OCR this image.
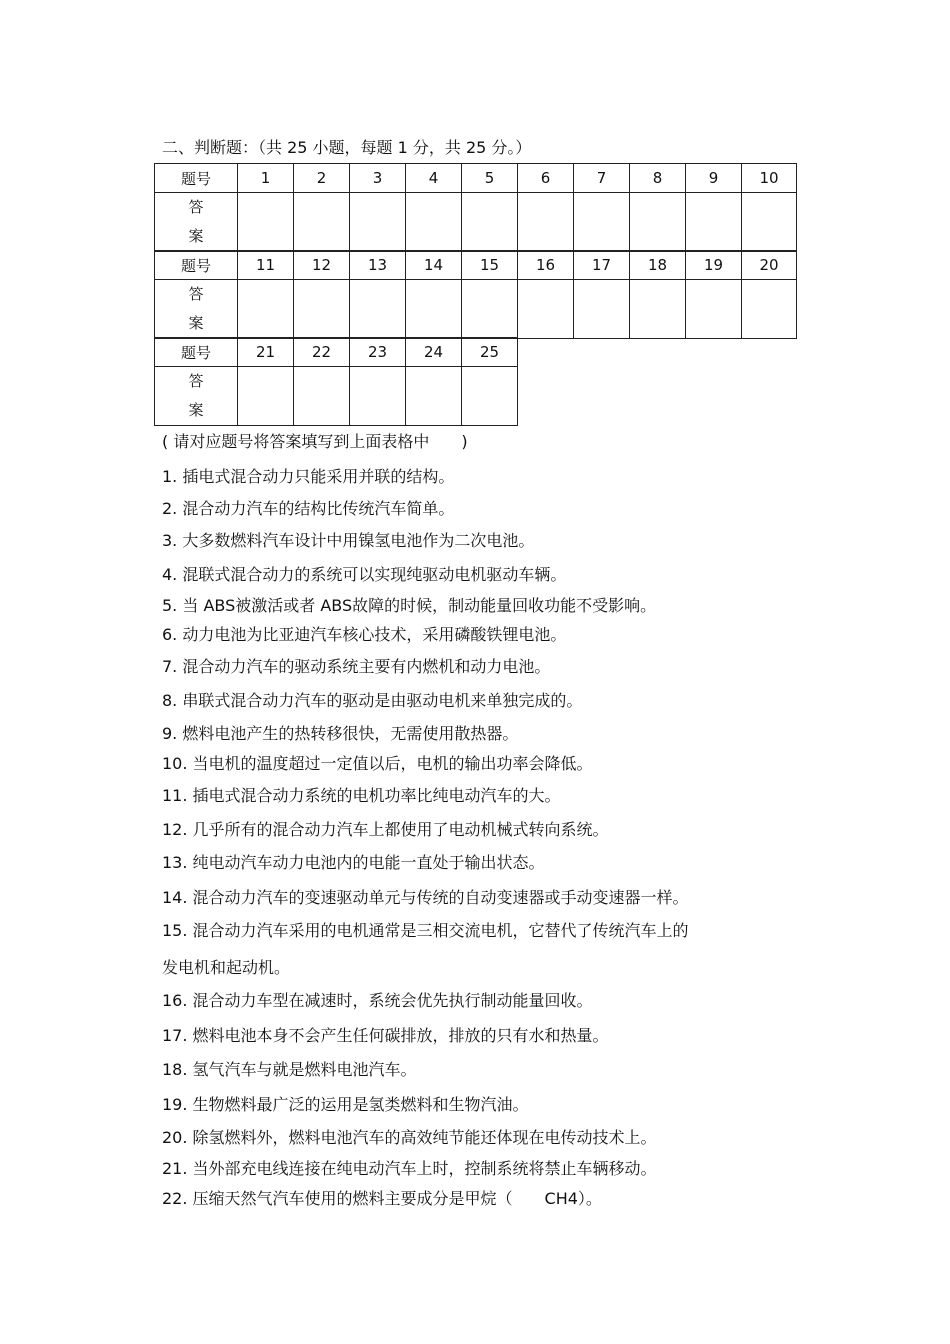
二、判断题：（共 25 小题，每题 1 分，共 25 分。）
题号	1	2	3	4	5	6	7	8	9	10

答
案										

题号	11	12	13	14	15	16	17	18	19	20

答
案										

题号	21	22	23	24	25

答
案					

( 请对应题号将答案填写到上面表格中　　)
1. 插电式混合动力只能采用并联的结构。
2. 混合动力汽车的结构比传统汽车简单。
3. 大多数燃料汽车设计中用镍氢电池作为二次电池。
4. 混联式混合动力的系统可以实现纯驱动电机驱动车辆。
5. 当 ABS被激活或者 ABS故障的时候，制动能量回收功能不受影响。
6. 动力电池为比亚迪汽车核心技术，采用磷酸铁锂电池。
7. 混合动力汽车的驱动系统主要有内燃机和动力电池。
8. 串联式混合动力汽车的驱动是由驱动电机来单独完成的。
9. 燃料电池产生的热转移很快，无需使用散热器。
10. 当电机的温度超过一定值以后，电机的输出功率会降低。
11. 插电式混合动力系统的电机功率比纯电动汽车的大。
12. 几乎所有的混合动力汽车上都使用了电动机械式转向系统。
13. 纯电动汽车动力电池内的电能一直处于输出状态。
14. 混合动力汽车的变速驱动单元与传统的自动变速器或手动变速器一样。
15. 混合动力汽车采用的电机通常是三相交流电机，它替代了传统汽车上的
发电机和起动机。
16. 混合动力车型在减速时，系统会优先执行制动能量回收。
17. 燃料电池本身不会产生任何碳排放，排放的只有水和热量。
18. 氢气汽车与就是燃料电池汽车。
19. 生物燃料最广泛的运用是氢类燃料和生物汽油。
20. 除氢燃料外，燃料电池汽车的高效纯节能还体现在电传动技术上。
21. 当外部充电线连接在纯电动汽车上时，控制系统将禁止车辆移动。
22. 压缩天然气汽车使用的燃料主要成分是甲烷（　　CH4）。
